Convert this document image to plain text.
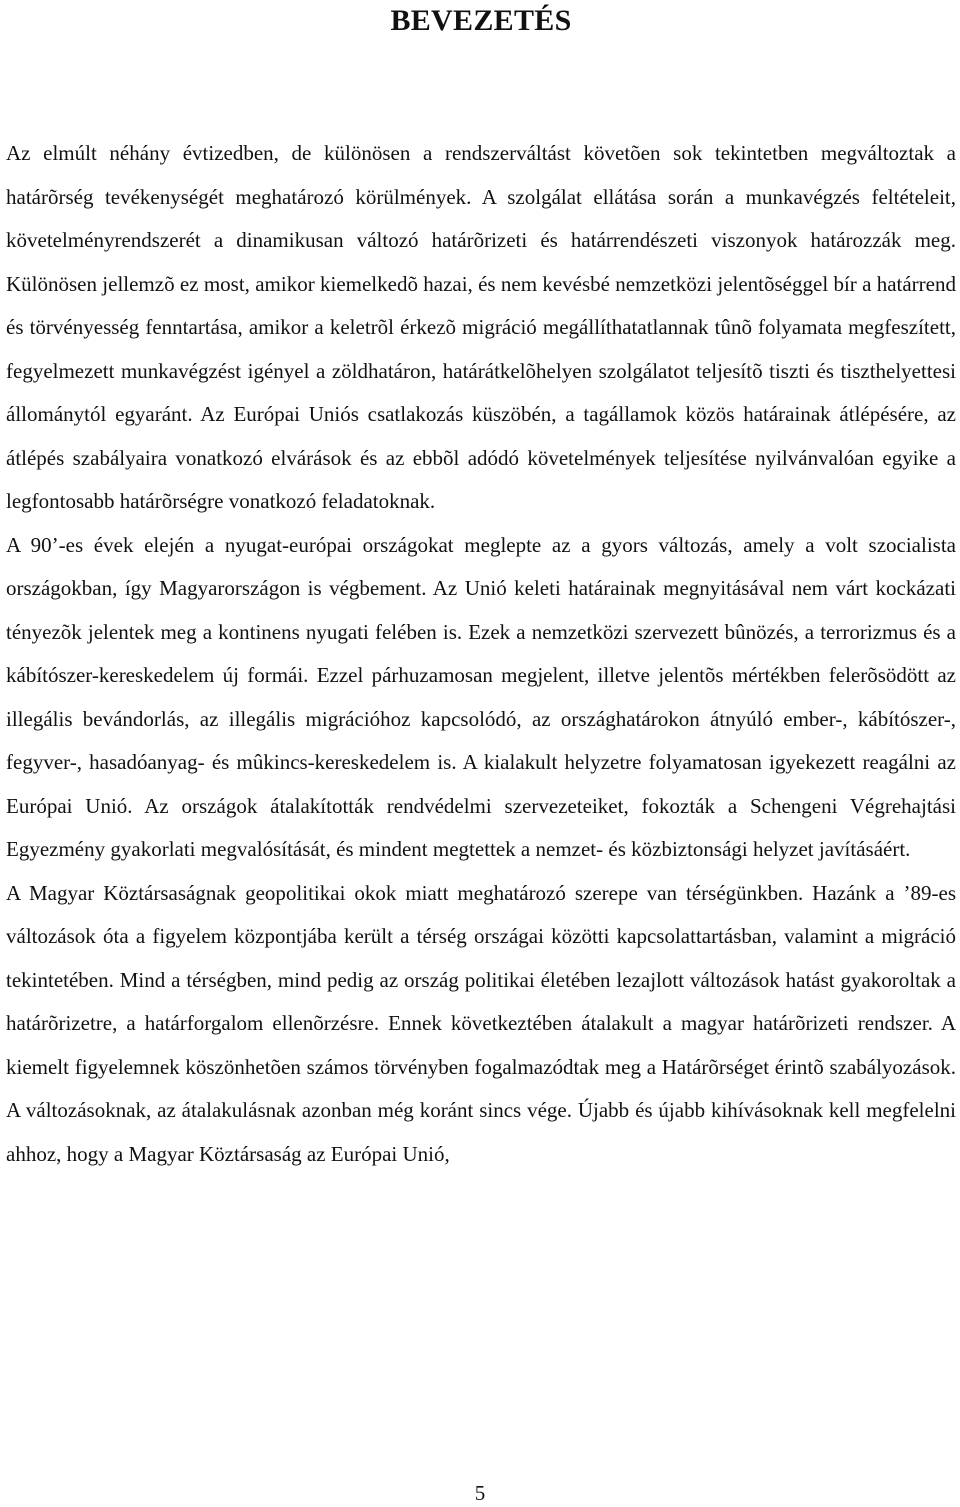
BEVEZETÉS

Az elmúlt néhány évtizedben, de különösen a rendszerváltást követõen sok tekintetben megváltoztak a határõrség tevékenységét meghatározó körülmények. A szolgálat ellátása során a munkavégzés feltételeit, követelményrendszerét a dinamikusan változó határõrizeti és határrendészeti viszonyok határozzák meg. Különösen jellemzõ ez most, amikor kiemelkedõ hazai, és nem kevésbé nemzetközi jelentõséggel bír a határrend és törvényesség fenntartása, amikor a keletrõl érkezõ migráció megállíthatatlannak tûnõ folyamata megfeszített, fegyelmezett munkavégzést igényel a zöldhatáron, határátkelõhelyen szolgálatot teljesítõ tiszti és tiszthelyettesi állománytól egyaránt. Az Európai Uniós csatlakozás küszöbén, a tagállamok közös határainak átlépésére, az átlépés szabályaira vonatkozó elvárások és az ebbõl adódó követelmények teljesítése nyilvánvalóan egyike a legfontosabb határõrségre vonatkozó feladatoknak.

A 90’-es évek elején a nyugat-európai országokat meglepte az a gyors változás, amely a volt szocialista országokban, így Magyarországon is végbement. Az Unió keleti határainak megnyitásával nem várt kockázati tényezõk jelentek meg a kontinens nyugati felében is. Ezek a nemzetközi szervezett bûnözés, a terrorizmus és a kábítószer-kereskedelem új formái. Ezzel párhuzamosan megjelent, illetve jelentõs mértékben felerõsödött az illegális bevándorlás, az illegális migrációhoz kapcsolódó, az országhatárokon átnyúló ember-, kábítószer-, fegyver-, hasadóanyag- és mûkincs-kereskedelem is. A kialakult helyzetre folyamatosan igyekezett reagálni az Európai Unió. Az országok átalakították rendvédelmi szervezeteiket, fokozták a Schengeni Végrehajtási Egyezmény gyakorlati megvalósítását, és mindent megtettek a nemzet- és közbiztonsági helyzet javításáért.

A Magyar Köztársaságnak geopolitikai okok miatt meghatározó szerepe van térségünkben. Hazánk a ’89-es változások óta a figyelem központjába került a térség országai közötti kapcsolattartásban, valamint a migráció tekintetében. Mind a térségben, mind pedig az ország politikai életében lezajlott változások hatást gyakoroltak a határõrizetre, a határforgalom ellenõrzésre. Ennek következtében átalakult a magyar határõrizeti rendszer. A kiemelt figyelemnek köszönhetõen számos törvényben fogalmazódtak meg a Határõrséget érintõ szabályozások. A változásoknak, az átalakulásnak azonban még koránt sincs vége. Újabb és újabb kihívásoknak kell megfelelni ahhoz, hogy a Magyar Köztársaság az Európai Unió,

5
